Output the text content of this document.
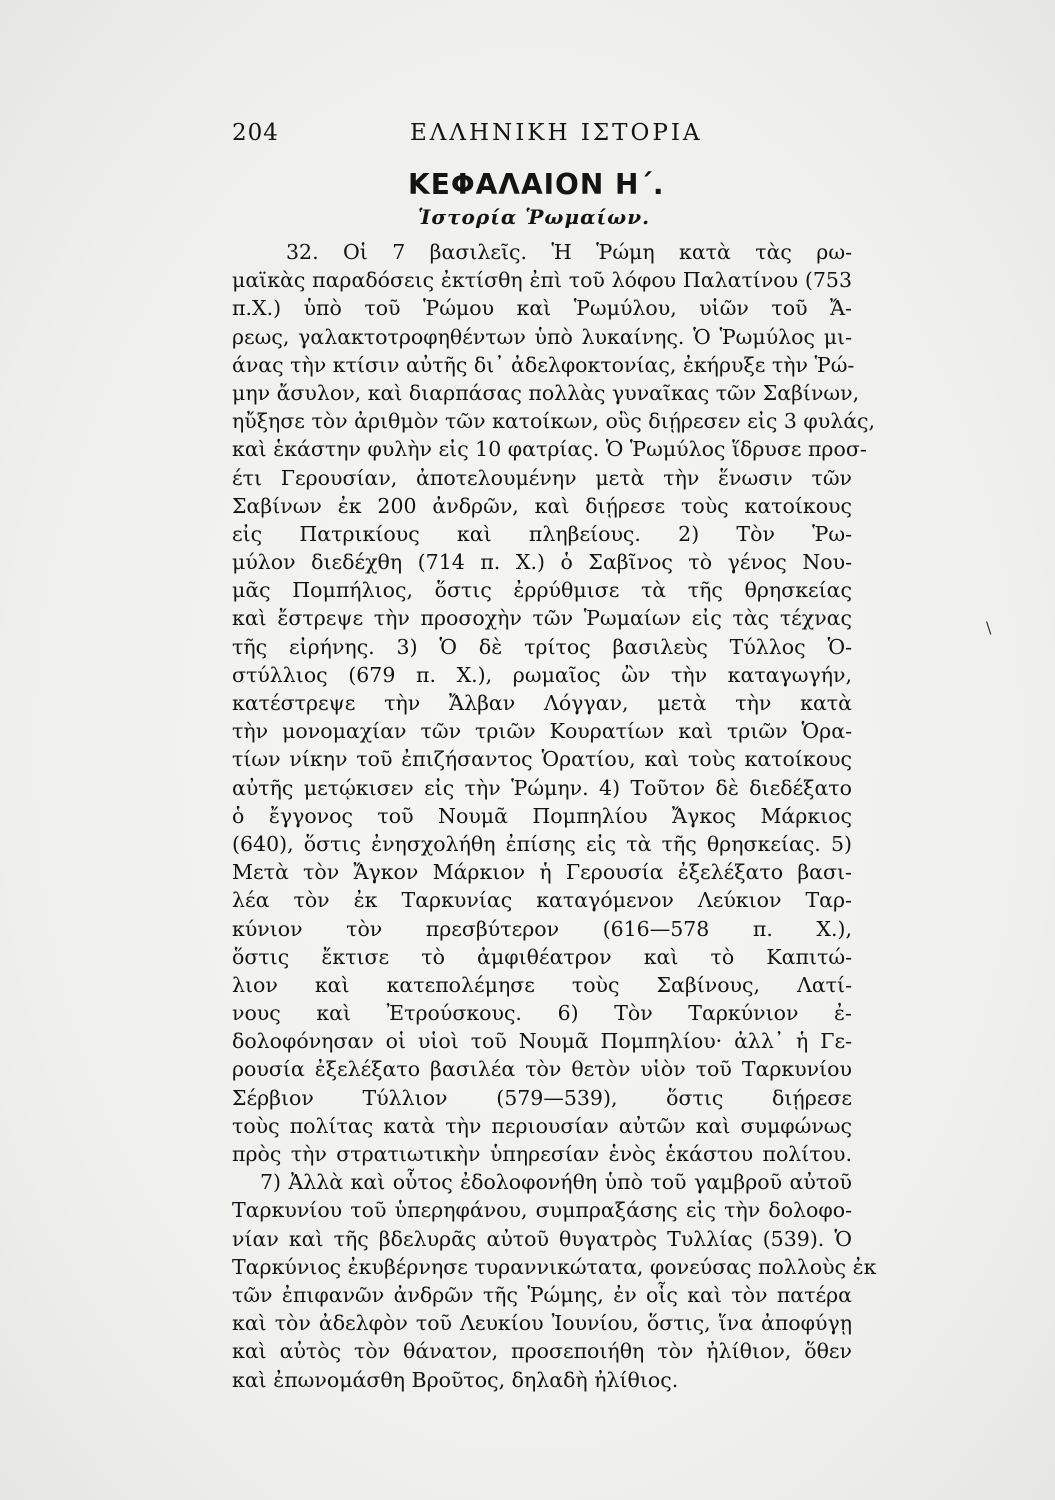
204	ΕΛΛΗΝΙΚΗ ΙΣΤΟΡΙΑ
ΚΕΦΑΛΑΙΟΝ Η΄.
Ἱστορία Ῥωμαίων.
32. Οἱ 7 βασιλεῖς. Ἡ Ῥώμη κατὰ τὰς ρω-
μαϊκὰς παραδόσεις ἐκτίσθη ἐπὶ τοῦ λόφου Παλατίνου (753
π.Χ.) ὑπὸ τοῦ Ῥώμου καὶ Ῥωμύλου, υἱῶν τοῦ Ἄ-
ρεως, γαλακτοτροφηθέντων ὑπὸ λυκαίνης. Ὁ Ῥωμύλος μι-
άνας τὴν κτίσιν αὐτῆς δι᾽ ἀδελφοκτονίας, ἐκήρυξε τὴν Ῥώ-
μην ἄσυλον, καὶ διαρπάσας πολλὰς γυναῖκας τῶν Σαβίνων,
ηὔξησε τὸν ἀριθμὸν τῶν κατοίκων, οὓς διῄρεσεν εἰς 3 φυλάς,
καὶ ἑκάστην φυλὴν εἰς 10 φατρίας. Ὁ Ῥωμύλος ἵδρυσε προσ-
έτι Γερουσίαν, ἀποτελουμένην μετὰ τὴν ἕνωσιν τῶν
Σαβίνων ἐκ 200 ἀνδρῶν, καὶ διῄρεσε τοὺς κατοίκους
εἰς Πατρικίους καὶ πληβείους. 2) Τὸν Ῥω-
μύλον διεδέχθη (714 π. Χ.) ὁ Σαβῖνος τὸ γένος Νου-
μᾶς Πομπήλιος, ὅστις ἐρρύθμισε τὰ τῆς θρησκείας
καὶ ἔστρεψε τὴν προσοχὴν τῶν Ῥωμαίων εἰς τὰς τέχνας
τῆς εἰρήνης. 3) Ὁ δὲ τρίτος βασιλεὺς Τύλλος Ὁ-
στύλλιος (679 π. Χ.), ρωμαῖος ὢν τὴν καταγωγήν,
κατέστρεψε τὴν Ἄλβαν Λόγγαν, μετὰ τὴν κατὰ
τὴν μονομαχίαν τῶν τριῶν Κουρατίων καὶ τριῶν Ὁρα-
τίων νίκην τοῦ ἐπιζήσαντος Ὁρατίου, καὶ τοὺς κατοίκους
αὐτῆς μετῴκισεν εἰς τὴν Ῥώμην. 4) Τοῦτον δὲ διεδέξατο
ὁ ἔγγονος τοῦ Νουμᾶ Πομπηλίου Ἄγκος Μάρκιος
(640), ὅστις ἐνησχολήθη ἐπίσης εἰς τὰ τῆς θρησκείας. 5)
Μετὰ τὸν Ἄγκον Μάρκιον ἡ Γερουσία ἐξελέξατο βασι-
λέα τὸν ἐκ Ταρκυνίας καταγόμενον Λεύκιον Ταρ-
κύνιον τὸν πρεσβύτερον (616—578 π. Χ.),
ὅστις ἔκτισε τὸ ἀμφιθέατρον καὶ τὸ Καπιτώ-
λιον καὶ κατεπολέμησε τοὺς Σαβίνους, Λατί-
νους καὶ Ἐτρούσκους. 6) Τὸν Ταρκύνιον ἐ-
δολοφόνησαν οἱ υἱοὶ τοῦ Νουμᾶ Πομπηλίου· ἀλλ᾽ ἡ Γε-
ρουσία ἐξελέξατο βασιλέα τὸν θετὸν υἱὸν τοῦ Ταρκυνίου
Σέρβιον Τύλλιον (579—539), ὅστις διῄρεσε
τοὺς πολίτας κατὰ τὴν περιουσίαν αὐτῶν καὶ συμφώνως
πρὸς τὴν στρατιωτικὴν ὑπηρεσίαν ἑνὸς ἑκάστου πολίτου.
7) Ἀλλὰ καὶ οὗτος ἐδολοφονήθη ὑπὸ τοῦ γαμβροῦ αὐτοῦ
Ταρκυνίου τοῦ ὑπερηφάνου, συμπραξάσης εἰς τὴν δολοφο-
νίαν καὶ τῆς βδελυρᾶς αὐτοῦ θυγατρὸς Τυλλίας (539). Ὁ
Ταρκύνιος ἐκυβέρνησε τυραννικώτατα, φονεύσας πολλοὺς ἐκ
τῶν ἐπιφανῶν ἀνδρῶν τῆς Ῥώμης, ἐν οἷς καὶ τὸν πατέρα
καὶ τὸν ἀδελφὸν τοῦ Λευκίου Ἰουνίου, ὅστις, ἵνα ἀποφύγῃ
καὶ αὐτὸς τὸν θάνατον, προσεποιήθη τὸν ἠλίθιον, ὅθεν
καὶ ἐπωνομάσθη Βροῦτος, δηλαδὴ ἠλίθιος.
\
